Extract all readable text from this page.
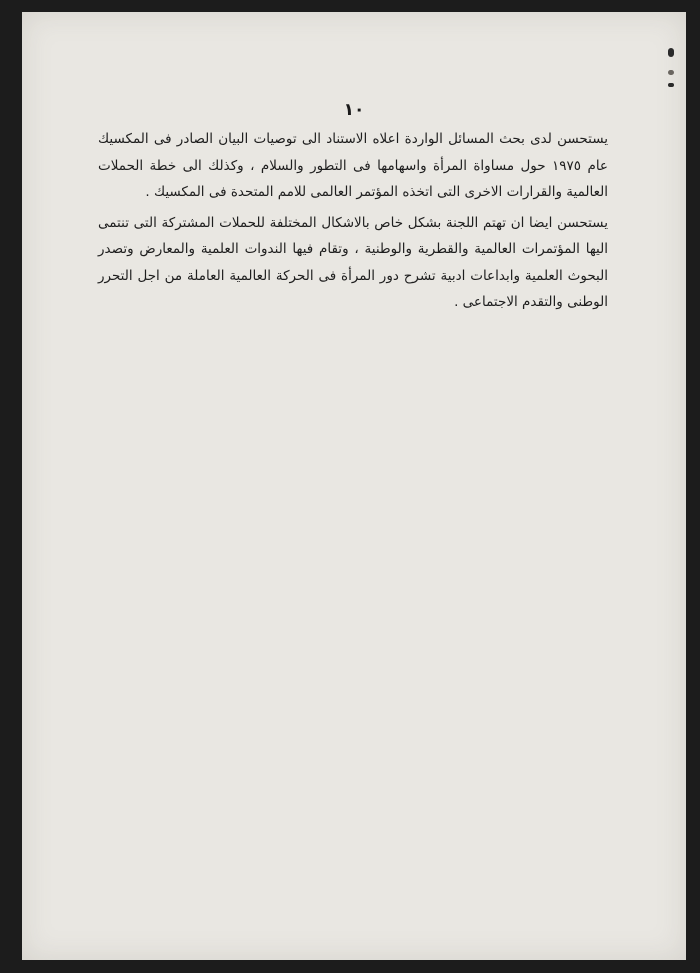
١٠

يستحسن لدى بحث المسائل الواردة اعلاه الاستناد الى توصيات البيان الصادر فى المكسيك عام ١٩٧٥ حول مساواة المرأة واسهامها فى التطور والسلام ، وكذلك الى خطة الحملات العالمية والقرارات الاخرى التى اتخذه المؤتمر العالمى للامم المتحدة فى المكسيك .

يستحسن ايضا ان تهتم اللجنة بشكل خاص بالاشكال المختلفة للحملات المشتركة التى تنتمى اليها المؤتمرات العالمية والقطرية والوطنية ، وتقام فيها الندوات العلمية والمعارض وتصدر البحوث العلمية وابداعات ادبية تشرح دور المرأة فى الحركة العالمية العاملة من اجل التحرر الوطنى والتقدم الاجتماعى .
